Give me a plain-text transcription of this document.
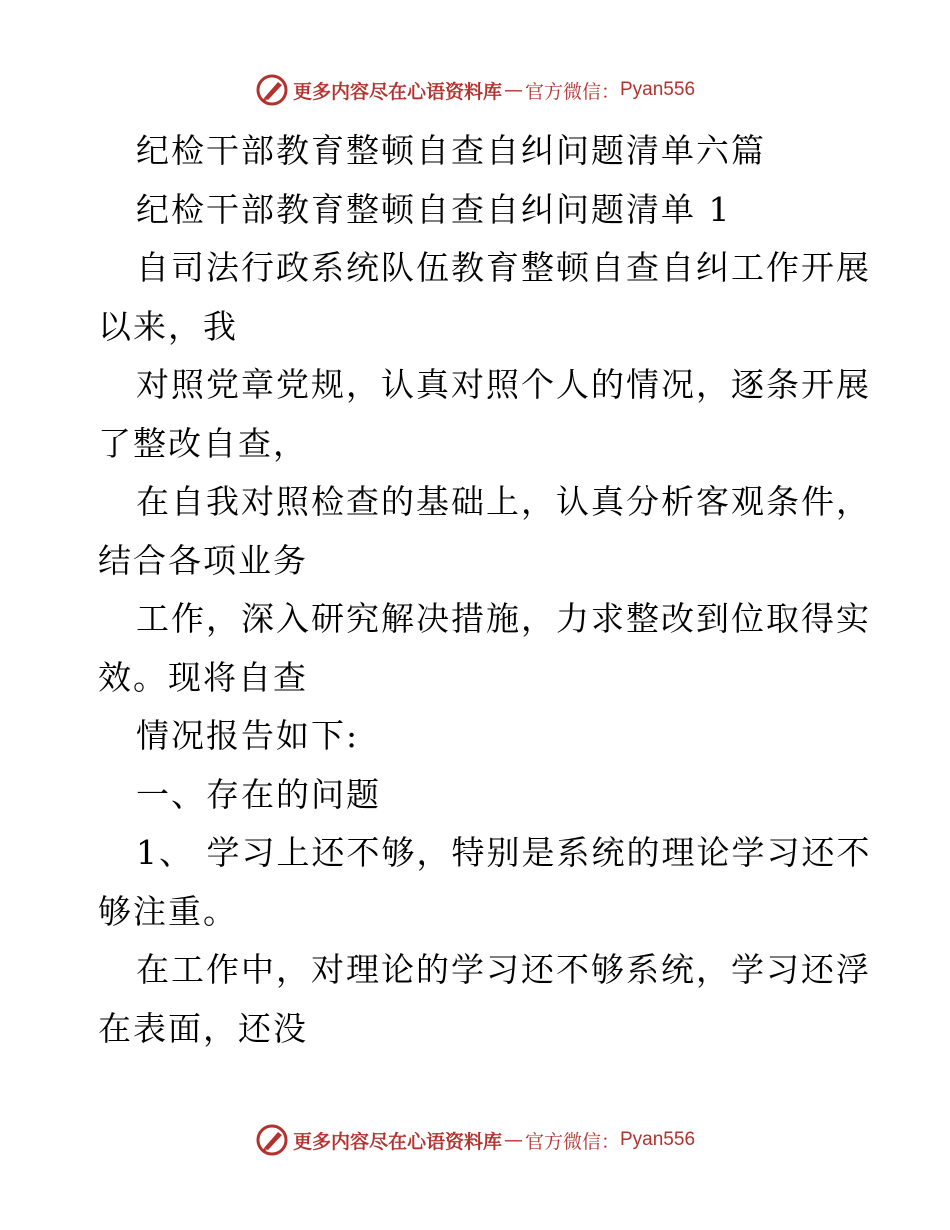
更多内容尽在心语资料库 — 官方微信： Pyan556
纪检干部教育整顿自查自纠问题清单六篇
纪检干部教育整顿自查自纠问题清单 1
自司法行政系统队伍教育整顿自查自纠工作开展
以来，我
对照党章党规，认真对照个人的情况，逐条开展
了整改自查，
在自我对照检查的基础上，认真分析客观条件，
结合各项业务
工作，深入研究解决措施，力求整改到位取得实
效。现将自查
情况报告如下:
一、存在的问题
1、 学习上还不够，特别是系统的理论学习还不
够注重。
在工作中，对理论的学习还不够系统，学习还浮
在表面，还没
更多内容尽在心语资料库 — 官方微信： Pyan556
